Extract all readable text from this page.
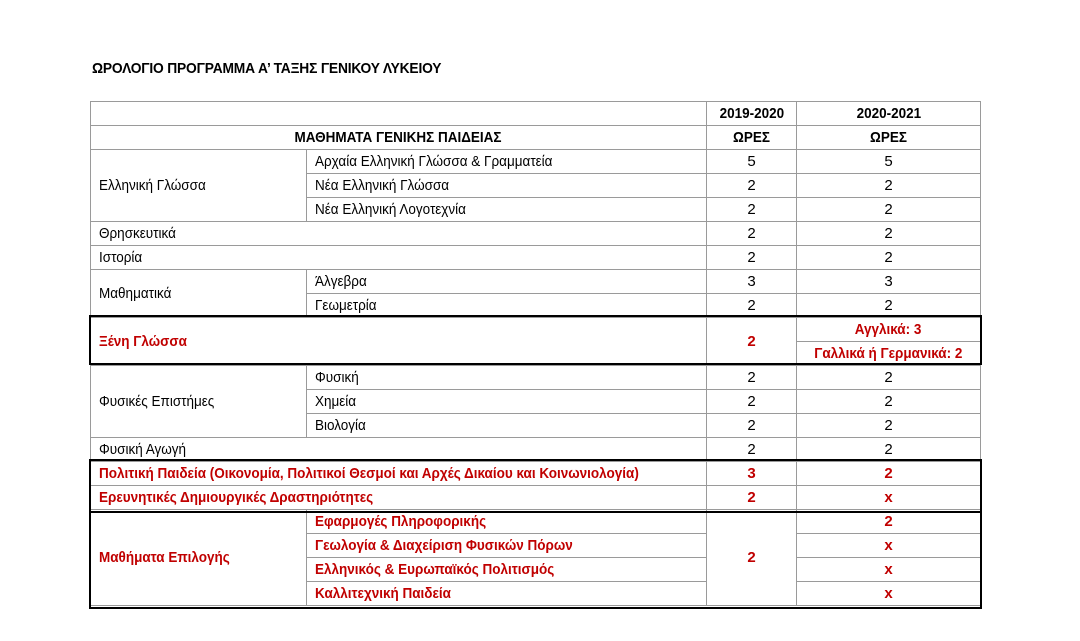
ΩΡΟΛΟΓΙΟ ΠΡΟΓΡΑΜΜΑ Α’ ΤΑΞΗΣ ΓΕΝΙΚΟΥ ΛΥΚΕΙΟΥ
		2019-2020	2020-2021
ΜΑΘΗΜΑΤΑ ΓΕΝΙΚΗΣ ΠΑΙΔΕΙΑΣ		ΩΡΕΣ	ΩΡΕΣ
Ελληνική Γλώσσα	Αρχαία Ελληνική Γλώσσα & Γραμματεία	5	5
	Νέα Ελληνική Γλώσσα	2	2
	Νέα Ελληνική Λογοτεχνία	2	2
Θρησκευτικά		2	2
Ιστορία		2	2
Μαθηματικά	Άλγεβρα	3	3
	Γεωμετρία	2	2
Ξένη Γλώσσα		2	Αγγλικά: 3
			Γαλλικά ή Γερμανικά: 2
Φυσικές Επιστήμες	Φυσική	2	2
	Χημεία	2	2
	Βιολογία	2	2
Φυσική Αγωγή		2	2
Πολιτική Παιδεία (Οικονομία, Πολιτικοί Θεσμοί και Αρχές Δικαίου και Κοινωνιολογία)		3	2
Ερευνητικές Δημιουργικές Δραστηριότητες		2	x
Μαθήματα Επιλογής	Εφαρμογές Πληροφορικής	2	2
	Γεωλογία & Διαχείριση Φυσικών Πόρων		x
	Ελληνικός & Ευρωπαϊκός Πολιτισμός		x
	Καλλιτεχνική Παιδεία		x
